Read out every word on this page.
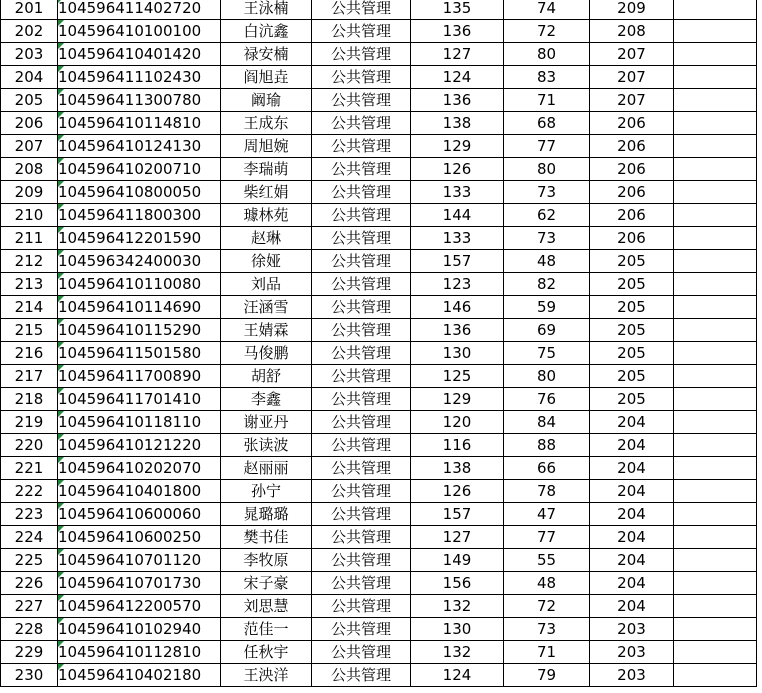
201	104596411402720	王泳楠	公共管理	135	74	209	
202	104596410100100	白沆鑫	公共管理	136	72	208	
203	104596410401420	禄安楠	公共管理	127	80	207	
204	104596411102430	阎旭垚	公共管理	124	83	207	
205	104596411300780	阚瑜	公共管理	136	71	207	
206	104596410114810	王成东	公共管理	138	68	206	
207	104596410124130	周旭婉	公共管理	129	77	206	
208	104596410200710	李瑞萌	公共管理	126	80	206	
209	104596410800050	柴红娟	公共管理	133	73	206	
210	104596411800300	璩林苑	公共管理	144	62	206	
211	104596412201590	赵琳	公共管理	133	73	206	
212	104596342400030	徐娅	公共管理	157	48	205	
213	104596410110080	刘品	公共管理	123	82	205	
214	104596410114690	汪涵雪	公共管理	146	59	205	
215	104596410115290	王婧霖	公共管理	136	69	205	
216	104596411501580	马俊鹏	公共管理	130	75	205	
217	104596411700890	胡舒	公共管理	125	80	205	
218	104596411701410	李鑫	公共管理	129	76	205	
219	104596410118110	谢亚丹	公共管理	120	84	204	
220	104596410121220	张读波	公共管理	116	88	204	
221	104596410202070	赵丽丽	公共管理	138	66	204	
222	104596410401800	孙宁	公共管理	126	78	204	
223	104596410600060	晁璐璐	公共管理	157	47	204	
224	104596410600250	樊书佳	公共管理	127	77	204	
225	104596410701120	李牧原	公共管理	149	55	204	
226	104596410701730	宋子豪	公共管理	156	48	204	
227	104596412200570	刘思慧	公共管理	132	72	204	
228	104596410102940	范佳一	公共管理	130	73	203	
229	104596410112810	任秋宇	公共管理	132	71	203	
230	104596410402180	王泱洋	公共管理	124	79	203	
